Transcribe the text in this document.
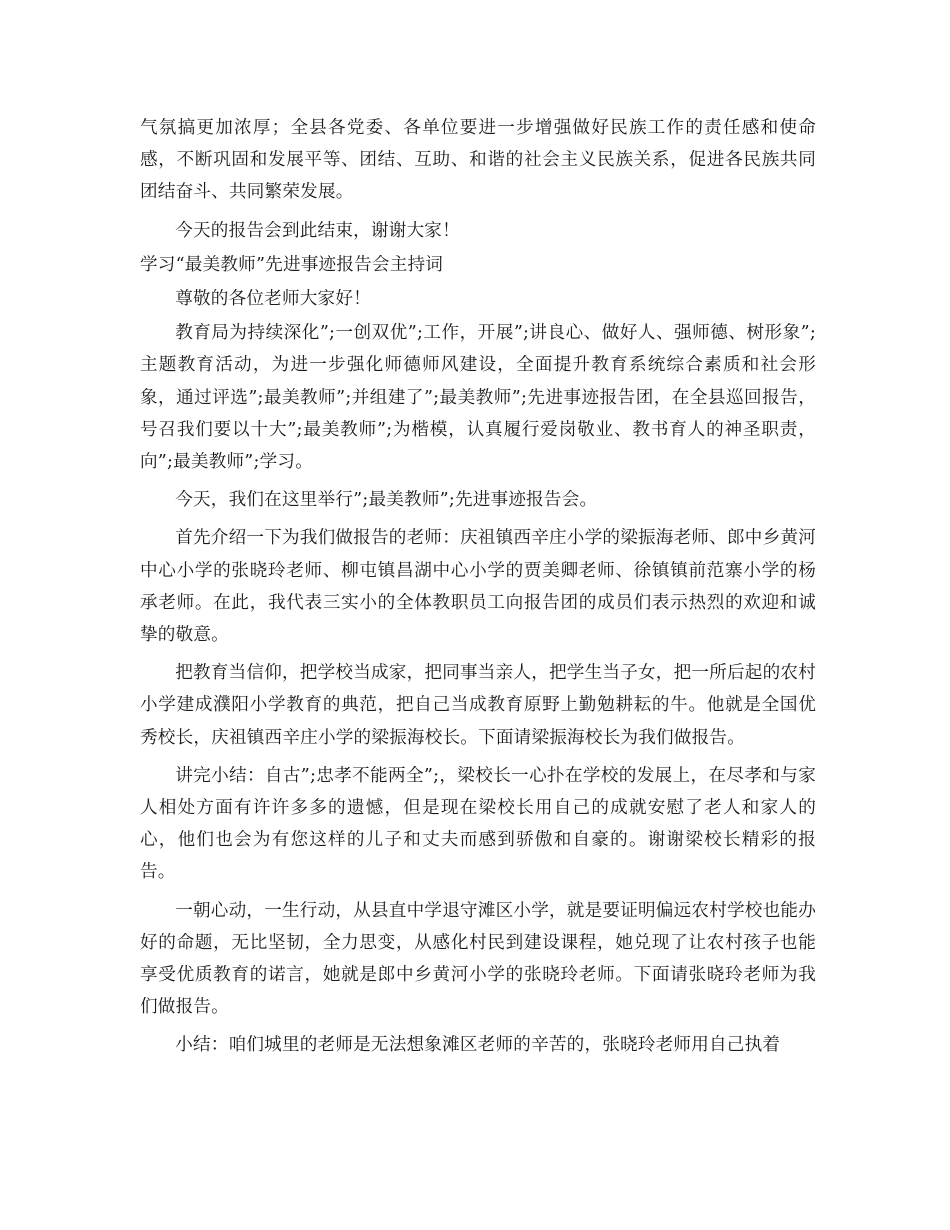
气氛搞更加浓厚；全县各党委、各单位要进一步增强做好民族工作的责任感和使命感，不断巩固和发展平等、团结、互助、和谐的社会主义民族关系，促进各民族共同团结奋斗、共同繁荣发展。

今天的报告会到此结束，谢谢大家！

学习“最美教师”先进事迹报告会主持词

尊敬的各位老师大家好！

教育局为持续深化”;一创双优”;工作，开展”;讲良心、做好人、强师德、树形象”;主题教育活动，为进一步强化师德师风建设，全面提升教育系统综合素质和社会形象，通过评选”;最美教师”;并组建了”;最美教师”;先进事迹报告团，在全县巡回报告，号召我们要以十大”;最美教师”;为楷模，认真履行爱岗敬业、教书育人的神圣职责，向”;最美教师”;学习。

今天，我们在这里举行”;最美教师”;先进事迹报告会。

首先介绍一下为我们做报告的老师：庆祖镇西辛庄小学的梁振海老师、郎中乡黄河中心小学的张晓玲老师、柳屯镇昌湖中心小学的贾美卿老师、徐镇镇前范寨小学的杨承老师。在此，我代表三实小的全体教职员工向报告团的成员们表示热烈的欢迎和诚挚的敬意。

把教育当信仰，把学校当成家，把同事当亲人，把学生当子女，把一所后起的农村小学建成濮阳小学教育的典范，把自己当成教育原野上勤勉耕耘的牛。他就是全国优秀校长，庆祖镇西辛庄小学的梁振海校长。下面请梁振海校长为我们做报告。

讲完小结：自古”;忠孝不能两全”;，梁校长一心扑在学校的发展上，在尽孝和与家人相处方面有许许多多的遗憾，但是现在梁校长用自己的成就安慰了老人和家人的心，他们也会为有您这样的儿子和丈夫而感到骄傲和自豪的。谢谢梁校长精彩的报告。

一朝心动，一生行动，从县直中学退守滩区小学，就是要证明偏远农村学校也能办好的命题，无比坚韧，全力思变，从感化村民到建设课程，她兑现了让农村孩子也能享受优质教育的诺言，她就是郎中乡黄河小学的张晓玲老师。下面请张晓玲老师为我们做报告。

小结：咱们城里的老师是无法想象滩区老师的辛苦的，张晓玲老师用自己执着
